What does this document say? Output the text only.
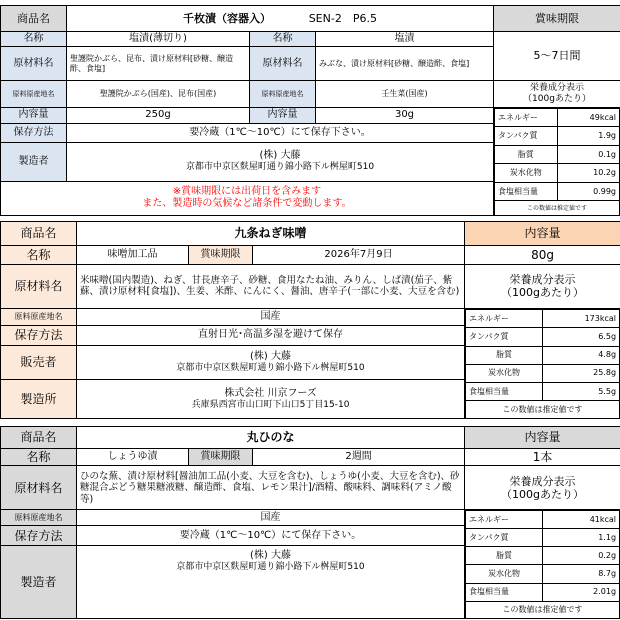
商品名	千枚漬（容器入）	SEN-2　P6.5	賞味期限
名称	塩漬(薄切り)	名称	塩漬	5～7日間
原材料名	聖護院かぶら、昆布、漬け原材料[砂糖、醸造酢、食塩]	原材料名	みぶな、漬け原材料[砂糖、醸造酢、食塩]
原料原産地名	聖護院かぶら(国産)、昆布(国産)	原料原産地名	壬生菜(国産)	
栄養成分表示
（100gあたり）

内容量	250g	内容量	30g		エネルギー	49kcal
タンパク質	1.9g
脂質	0.1g
炭水化物	10.2g
食塩相当量	0.99g
この数値は推定値です

保存方法	要冷蔵（1℃～10℃）にて保存下さい。
製造者	(株) 大藤
京都市中京区麩屋町通り錦小路下ル桝屋町510

※賞味期限には出荷日を含みます
また、製造時の気候など諸条件で変動します。
商品名	九条ねぎ味噌	内容量
名称	味噌加工品	賞味期限	2026年7月9日	80g
原材料名	米味噌(国内製造)、ねぎ、甘長唐辛子、砂糖、食用なたね油、みりん、しば漬(茄子、紫蘇、漬け原材料[食塩])、生姜、米酢、にんにく、醤油、唐辛子(一部に小麦、大豆を含む)	
栄養成分表示
（100gあたり）

原料原産地名	国産		エネルギー	173kcal
タンパク質	6.5g
脂質	4.8g
炭水化物	25.8g
食塩相当量	5.5g
この数値は推定値です

保存方法	直射日光･高温多湿を避けて保存
販売者	(株) 大藤
京都市中京区麩屋町通り錦小路下ル桝屋町510

製造所	株式会社 川京フーズ
兵庫県西宮市山口町下山口5丁目15-10
商品名	丸ひのな	内容量
名称	しょうゆ漬	賞味期限	2週間	1本
原材料名	ひのな蕪、漬け原材料[醤油加工品(小麦、大豆を含む)、しょうゆ(小麦、大豆を含む)、砂糖混合ぶどう糖果糖液糖、醸造酢、食塩、レモン果汁]/酒精、酸味料、調味料(アミノ酸等)	
栄養成分表示
（100gあたり）

原料原産地名	国産		エネルギー	41kcal
タンパク質	1.1g
脂質	0.2g
炭水化物	8.7g
食塩相当量	2.01g
この数値は推定値です

保存方法	要冷蔵（1℃～10℃）にて保存下さい。
製造者	
(株) 大藤
京都市中京区麩屋町通り錦小路下ル桝屋町510
